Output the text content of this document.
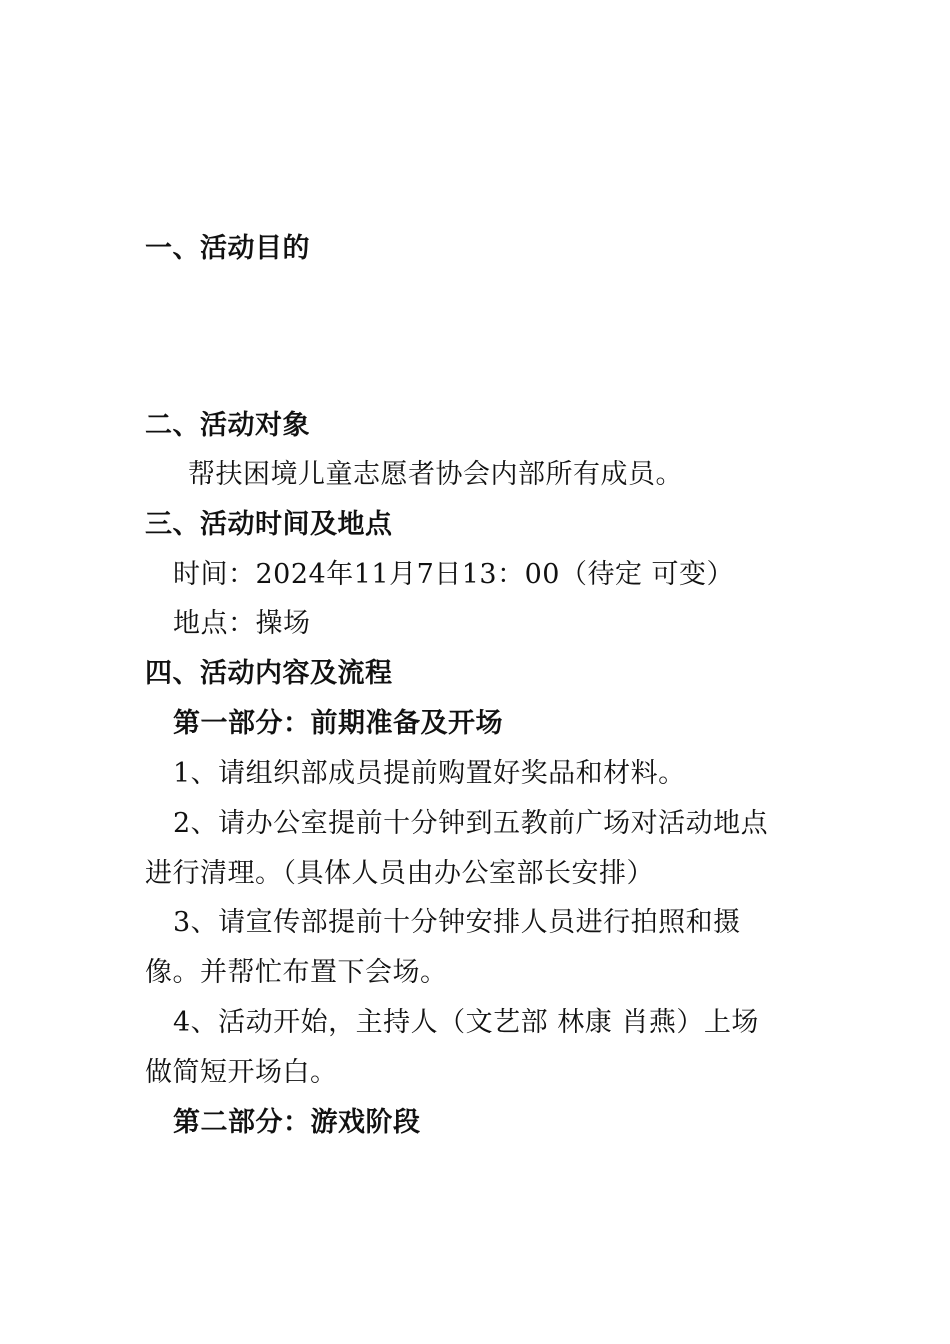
一、活动目的
二、活动对象
帮扶困境儿童志愿者协会内部所有成员。
三、活动时间及地点
时间：2024年11月7日13：00（待定 可变）
地点：操场
四、活动内容及流程
第一部分：前期准备及开场
1、请组织部成员提前购置好奖品和材料。
2、请办公室提前十分钟到五教前广场对活动地点
进行清理。（具体人员由办公室部长安排）
3、请宣传部提前十分钟安排人员进行拍照和摄
像。并帮忙布置下会场。
4、活动开始，主持人（文艺部 林康 肖燕）上场
做简短开场白。
第二部分：游戏阶段
